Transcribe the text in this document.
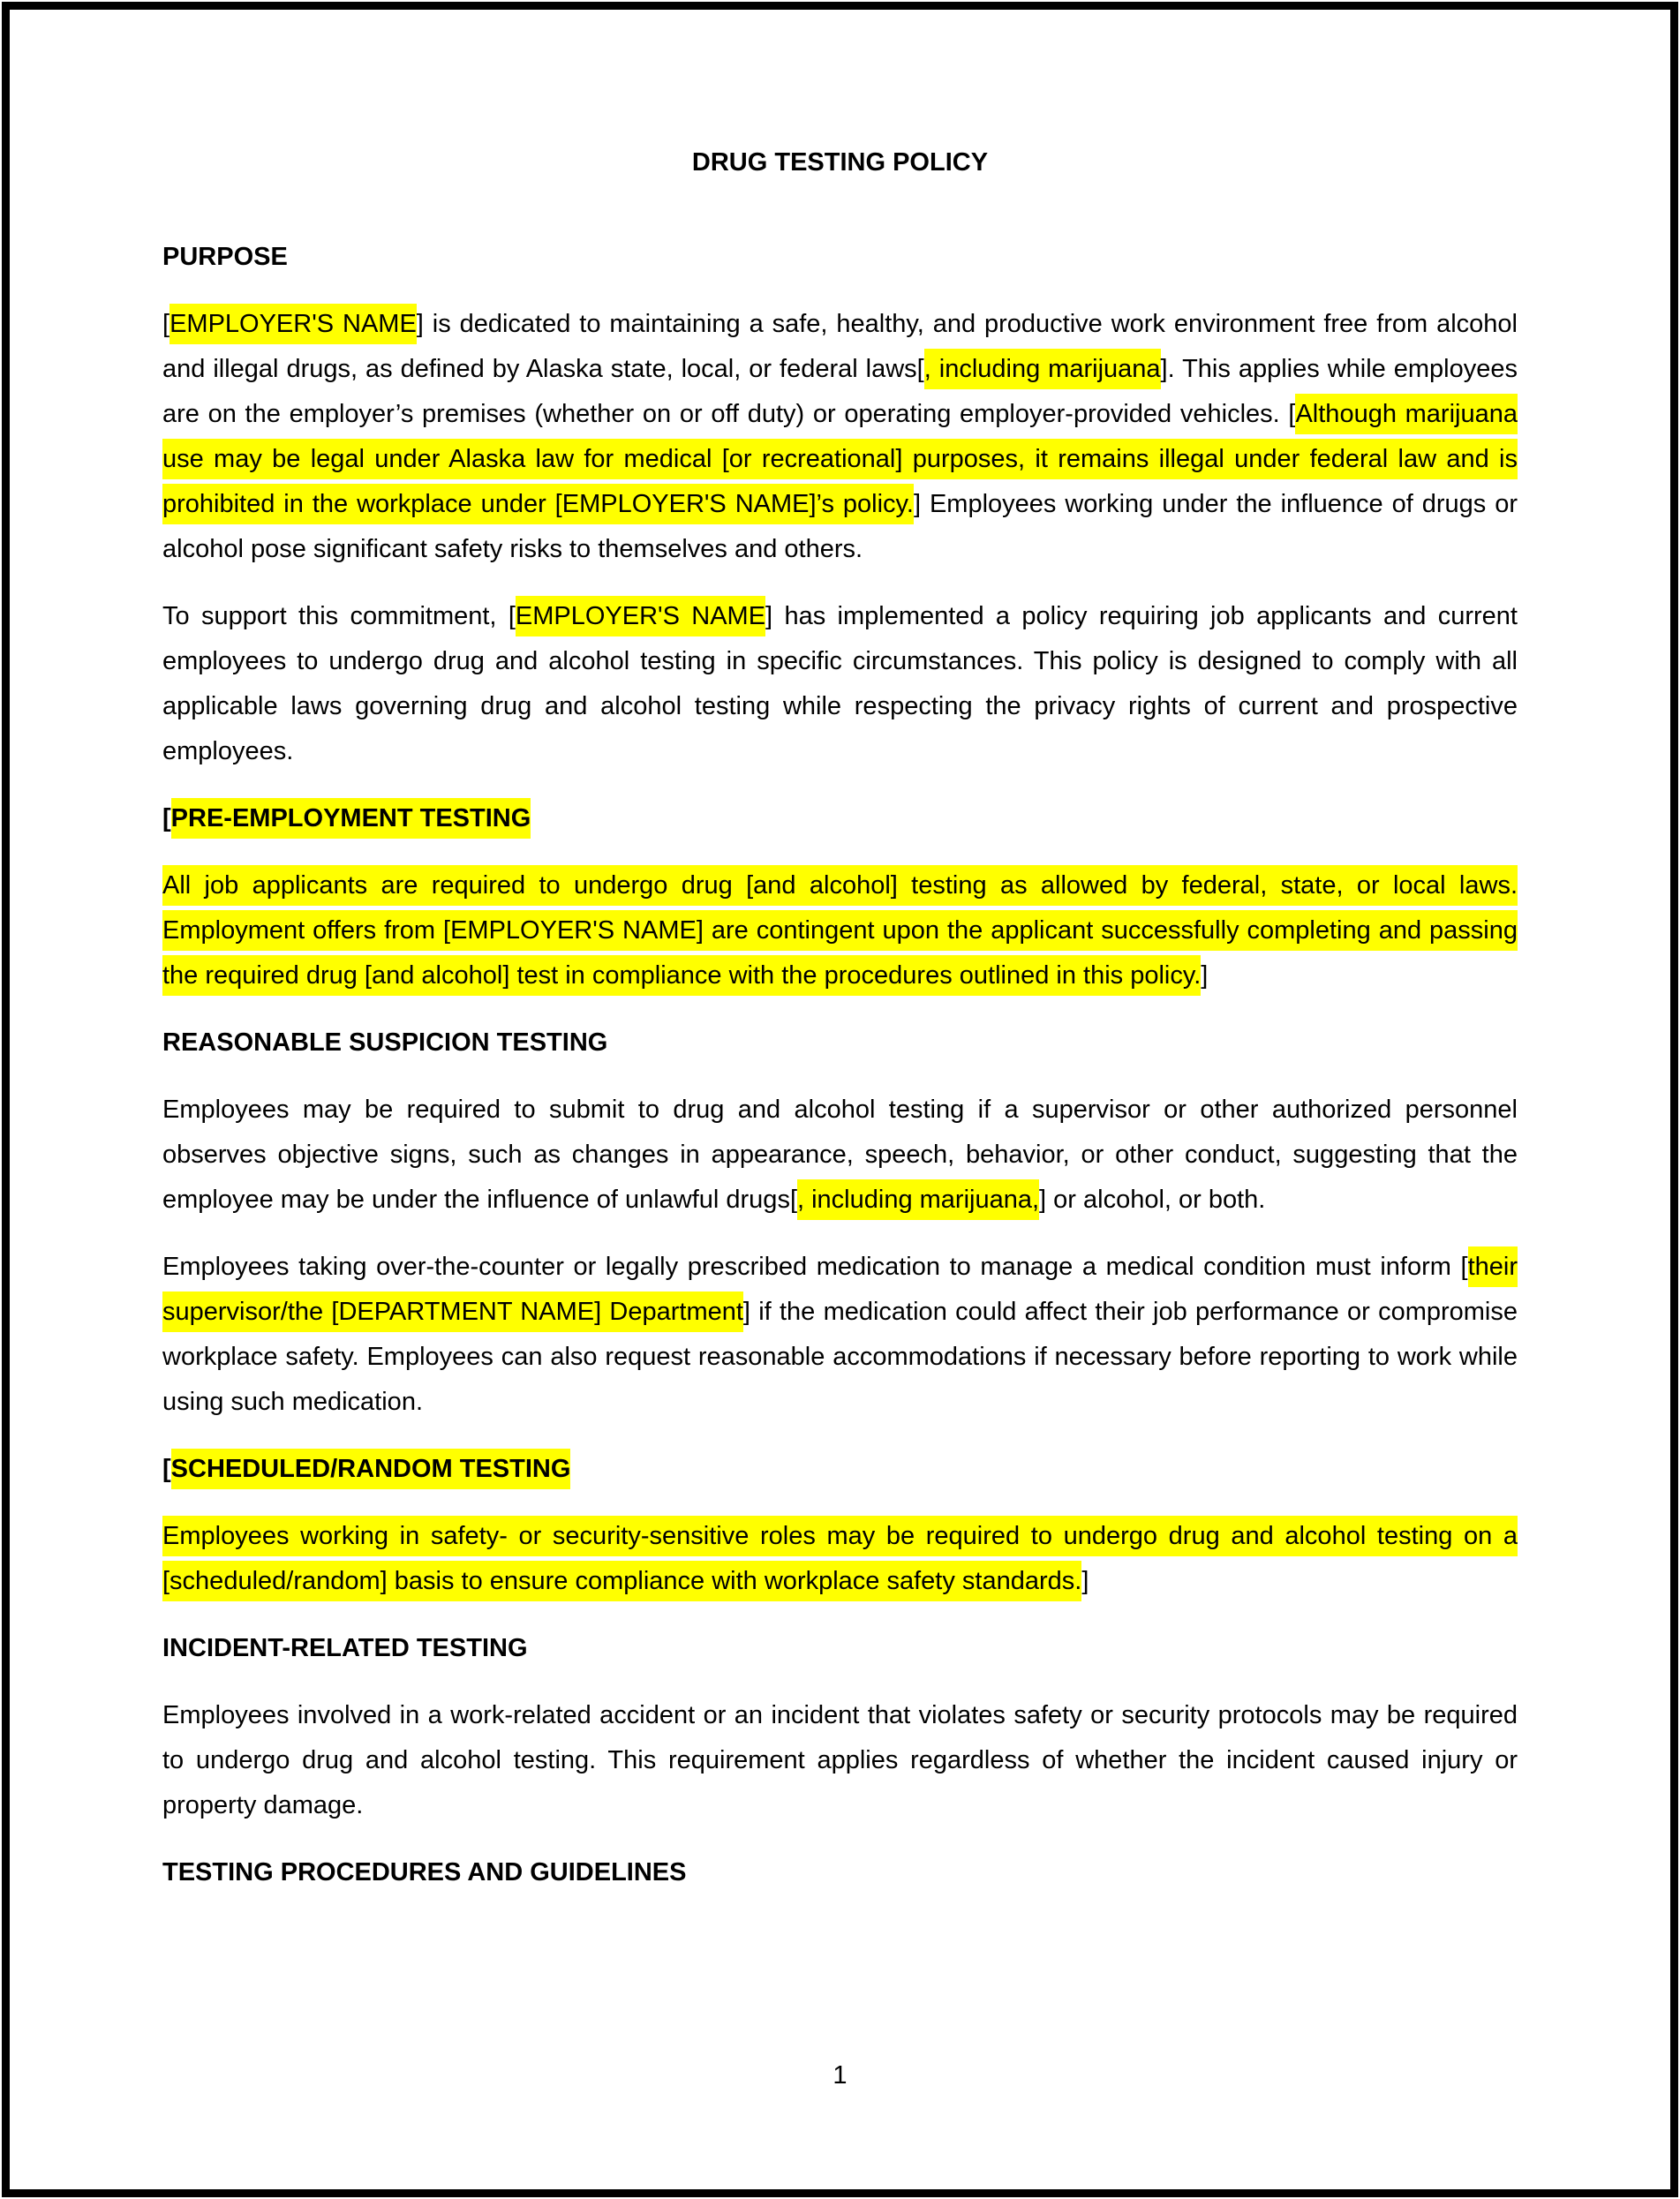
DRUG TESTING POLICY

PURPOSE

[EMPLOYER'S NAME] is dedicated to maintaining a safe, healthy, and productive work environment free from alcohol and illegal drugs, as defined by Alaska state, local, or federal laws[, including marijuana]. This applies while employees are on the employer’s premises (whether on or off duty) or operating employer-provided vehicles. [Although marijuana use may be legal under Alaska law for medical [or recreational] purposes, it remains illegal under federal law and is prohibited in the workplace under [EMPLOYER'S NAME]’s policy.] Employees working under the influence of drugs or alcohol pose significant safety risks to themselves and others.

To support this commitment, [EMPLOYER'S NAME] has implemented a policy requiring job applicants and current employees to undergo drug and alcohol testing in specific circumstances. This policy is designed to comply with all applicable laws governing drug and alcohol testing while respecting the privacy rights of current and prospective employees.

[PRE-EMPLOYMENT TESTING

All job applicants are required to undergo drug [and alcohol] testing as allowed by federal, state, or local laws. Employment offers from [EMPLOYER'S NAME] are contingent upon the applicant successfully completing and passing the required drug [and alcohol] test in compliance with the procedures outlined in this policy.]

REASONABLE SUSPICION TESTING

Employees may be required to submit to drug and alcohol testing if a supervisor or other authorized personnel observes objective signs, such as changes in appearance, speech, behavior, or other conduct, suggesting that the employee may be under the influence of unlawful drugs[, including marijuana,] or alcohol, or both.

Employees taking over-the-counter or legally prescribed medication to manage a medical condition must inform [their supervisor/the [DEPARTMENT NAME] Department] if the medication could affect their job performance or compromise workplace safety. Employees can also request reasonable accommodations if necessary before reporting to work while using such medication.

[SCHEDULED/RANDOM TESTING

Employees working in safety- or security-sensitive roles may be required to undergo drug and alcohol testing on a [scheduled/random] basis to ensure compliance with workplace safety standards.]

INCIDENT-RELATED TESTING

Employees involved in a work-related accident or an incident that violates safety or security protocols may be required to undergo drug and alcohol testing. This requirement applies regardless of whether the incident caused injury or property damage.

TESTING PROCEDURES AND GUIDELINES

1
